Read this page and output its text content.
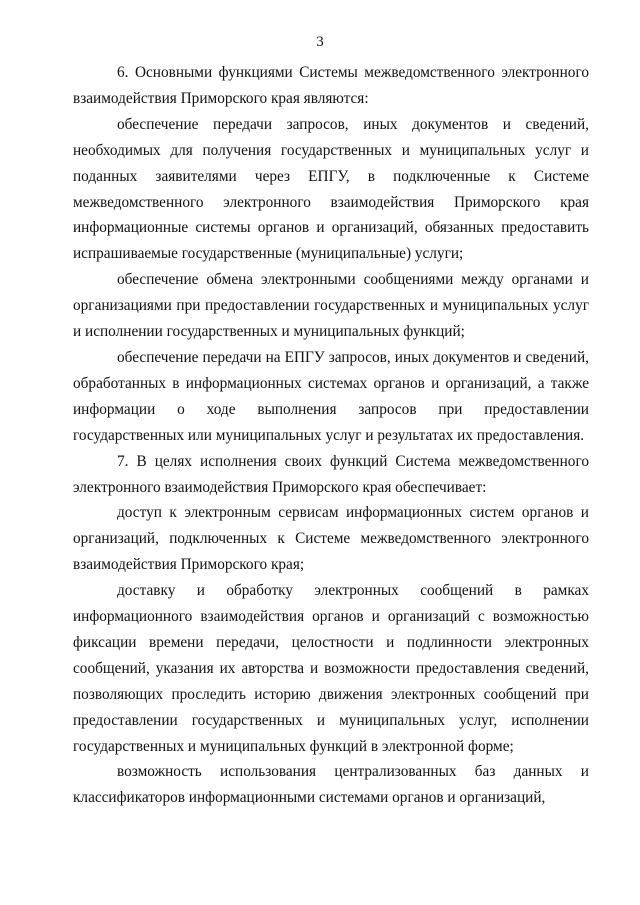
3

6. Основными функциями Системы межведомственного электронного взаимодействия Приморского края являются:

обеспечение передачи запросов, иных документов и сведений, необходимых для получения государственных и муниципальных услуг и поданных заявителями через ЕПГУ, в подключенные к Системе межведомственного электронного взаимодействия Приморского края информационные системы органов и организаций, обязанных предоставить испрашиваемые государственные (муниципальные) услуги;

обеспечение обмена электронными сообщениями между органами и организациями при предоставлении государственных и муниципальных услуг и исполнении государственных и муниципальных функций;

обеспечение передачи на ЕПГУ запросов, иных документов и сведений, обработанных в информационных системах органов и организаций, а также информации о ходе выполнения запросов при предоставлении государственных или муниципальных услуг и результатах их предоставления.

7. В целях исполнения своих функций Система межведомственного электронного взаимодействия Приморского края обеспечивает:

доступ к электронным сервисам информационных систем органов и организаций, подключенных к Системе межведомственного электронного взаимодействия Приморского края;

доставку и обработку электронных сообщений в рамках информационного взаимодействия органов и организаций с возможностью фиксации времени передачи, целостности и подлинности электронных сообщений, указания их авторства и возможности предоставления сведений, позволяющих проследить историю движения электронных сообщений при предоставлении государственных и муниципальных услуг, исполнении государственных и муниципальных функций в электронной форме;

возможность использования централизованных баз данных и классификаторов информационными системами органов и организаций,
